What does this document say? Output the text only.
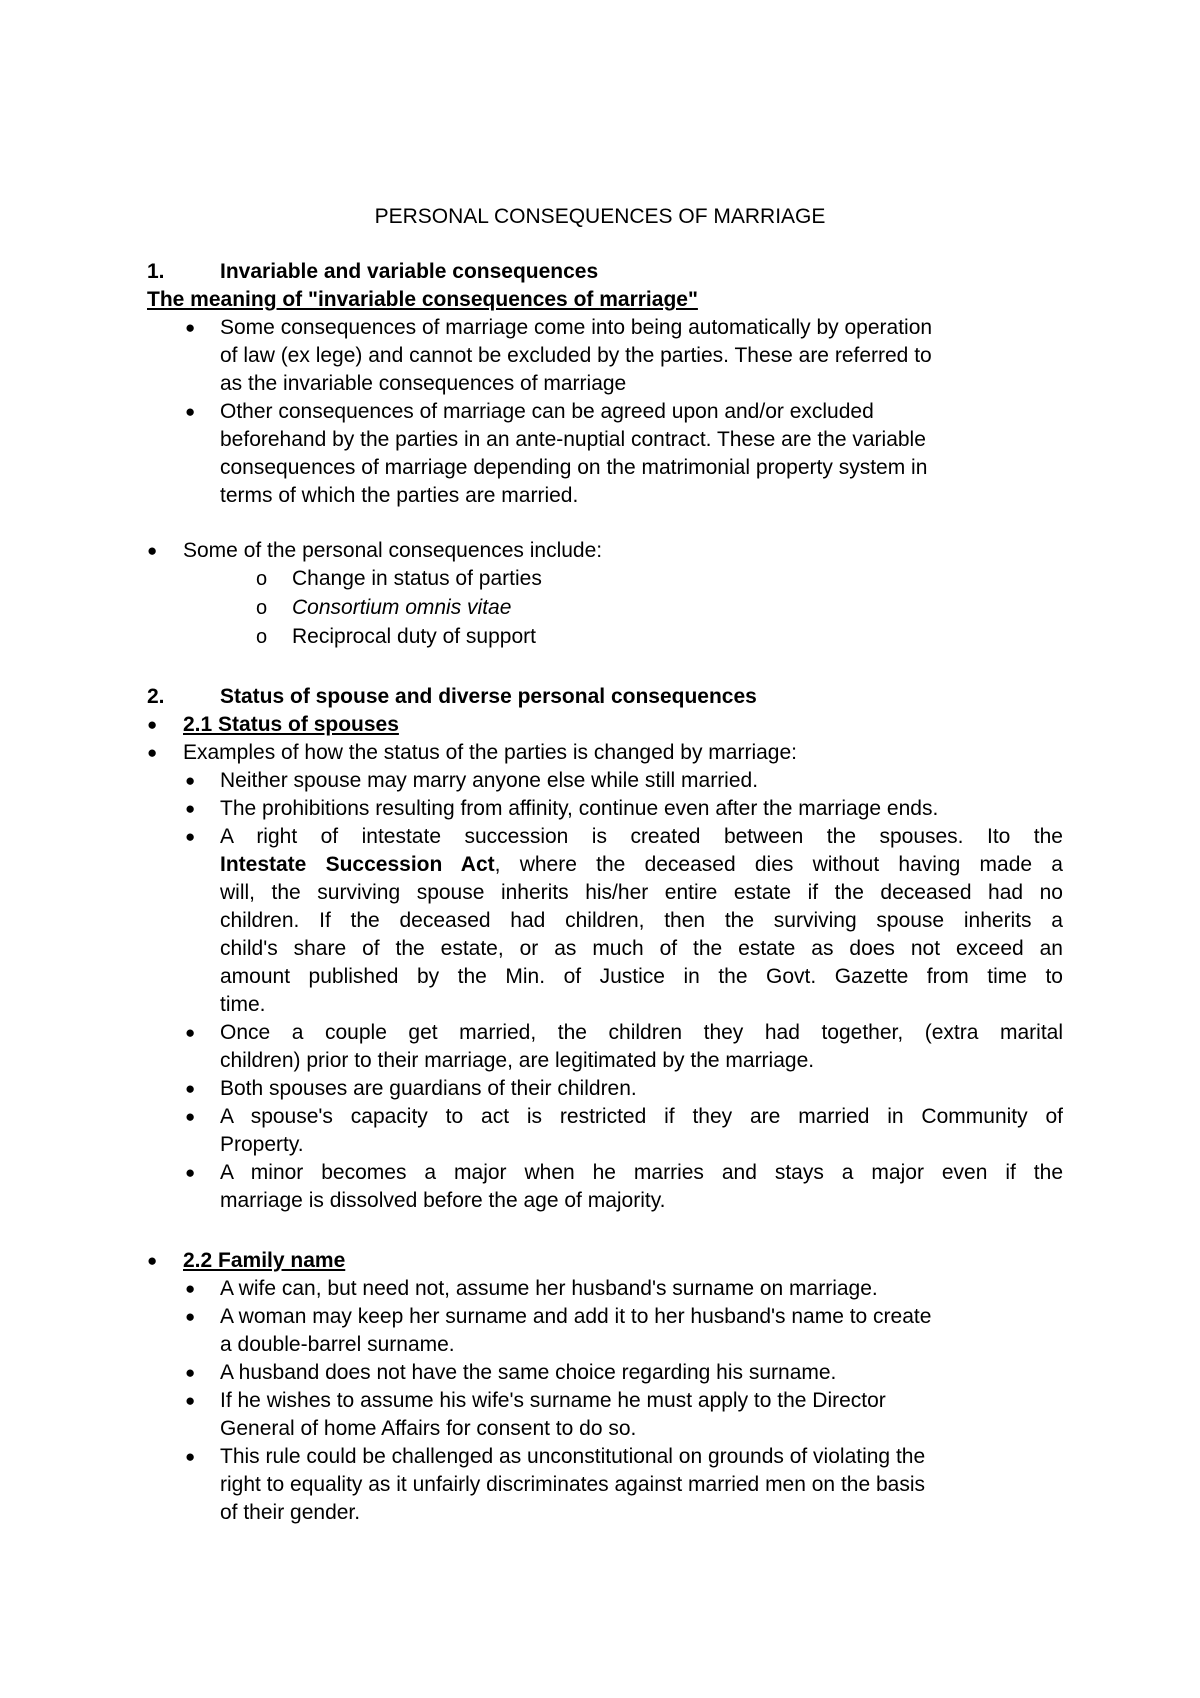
PERSONAL CONSEQUENCES OF MARRIAGE
1.	Invariable and variable consequences
The meaning of "invariable consequences of marriage"
● Some consequences of marriage come into being automatically by operation
of law (ex lege) and cannot be excluded by the parties. These are referred to
as the invariable consequences of marriage
● Other consequences of marriage can be agreed upon and/or excluded
beforehand by the parties in an ante-nuptial contract. These are the variable
consequences of marriage depending on the matrimonial property system in
terms of which the parties are married.
● Some of the personal consequences include:
o Change in status of parties
o Consortium omnis vitae
o Reciprocal duty of support
2.	Status of spouse and diverse personal consequences
● 2.1 Status of spouses
● Examples of how the status of the parties is changed by marriage:
● Neither spouse may marry anyone else while still married.
● The prohibitions resulting from affinity, continue even after the marriage ends.
● A right of intestate succession is created between the spouses. Ito the
Intestate Succession Act, where the deceased dies without having made a
will, the surviving spouse inherits his/her entire estate if the deceased had no
children. If the deceased had children, then the surviving spouse inherits a
child's share of the estate, or as much of the estate as does not exceed an
amount published by the Min. of Justice in the Govt. Gazette from time to
time.
● Once a couple get married, the children they had together, (extra marital
children) prior to their marriage, are legitimated by the marriage.
● Both spouses are guardians of their children.
● A spouse's capacity to act is restricted if they are married in Community of
Property.
● A minor becomes a major when he marries and stays a major even if the
marriage is dissolved before the age of majority.
● 2.2 Family name
● A wife can, but need not, assume her husband's surname on marriage.
● A woman may keep her surname and add it to her husband's name to create
a double-barrel surname.
● A husband does not have the same choice regarding his surname.
● If he wishes to assume his wife's surname he must apply to the Director
General of home Affairs for consent to do so.
● This rule could be challenged as unconstitutional on grounds of violating the
right to equality as it unfairly discriminates against married men on the basis
of their gender.
